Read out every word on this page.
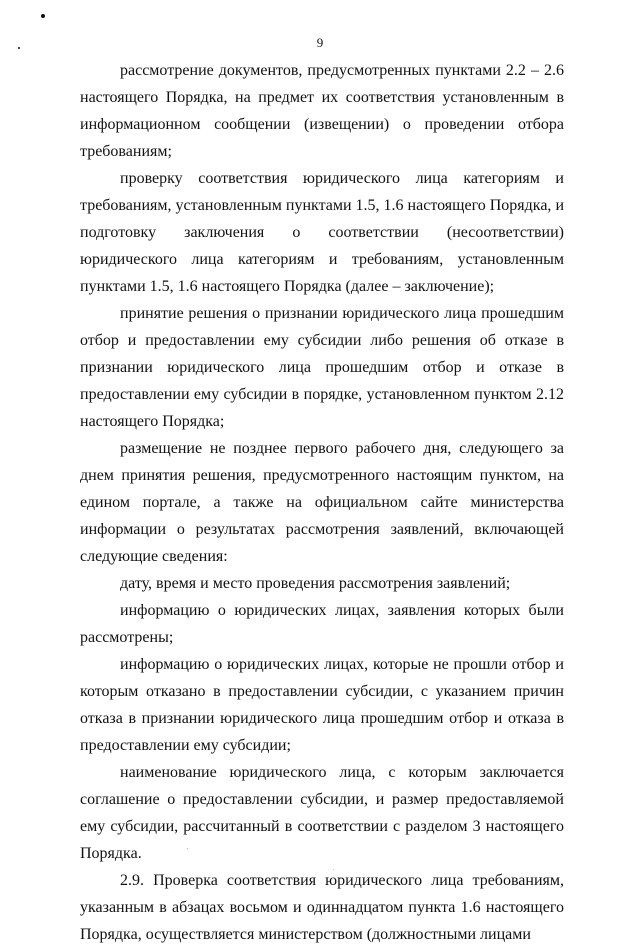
9

рассмотрение документов, предусмотренных пунктами 2.2 – 2.6 настоящего Порядка, на предмет их соответствия установленным в информационном сообщении (извещении) о проведении отбора требованиям;

проверку соответствия юридического лица категориям и требованиям, установленным пунктами 1.5, 1.6 настоящего Порядка, и подготовку заключения о соответствии (несоответствии) юридического лица категориям и требованиям, установленным пунктами 1.5, 1.6 настоящего Порядка (далее – заключение);

принятие решения о признании юридического лица прошедшим отбор и предоставлении ему субсидии либо решения об отказе в признании юридического лица прошедшим отбор и отказе в предоставлении ему субсидии в порядке, установленном пунктом 2.12 настоящего Порядка;

размещение не позднее первого рабочего дня, следующего за днем принятия решения, предусмотренного настоящим пунктом, на едином портале, а также на официальном сайте министерства информации о результатах рассмотрения заявлений, включающей следующие сведения:

дату, время и место проведения рассмотрения заявлений;

информацию о юридических лицах, заявления которых были рассмотрены;

информацию о юридических лицах, которые не прошли отбор и которым отказано в предоставлении субсидии, с указанием причин отказа в признании юридического лица прошедшим отбор и отказа в предоставлении ему субсидии;

наименование юридического лица, с которым заключается соглашение о предоставлении субсидии, и размер предоставляемой ему субсидии, рассчитанный в соответствии с разделом 3 настоящего Порядка.

2.9. Проверка соответствия юридического лица требованиям, указанным в абзацах восьмом и одиннадцатом пункта 1.6 настоящего Порядка, осуществляется министерством (должностными лицами
